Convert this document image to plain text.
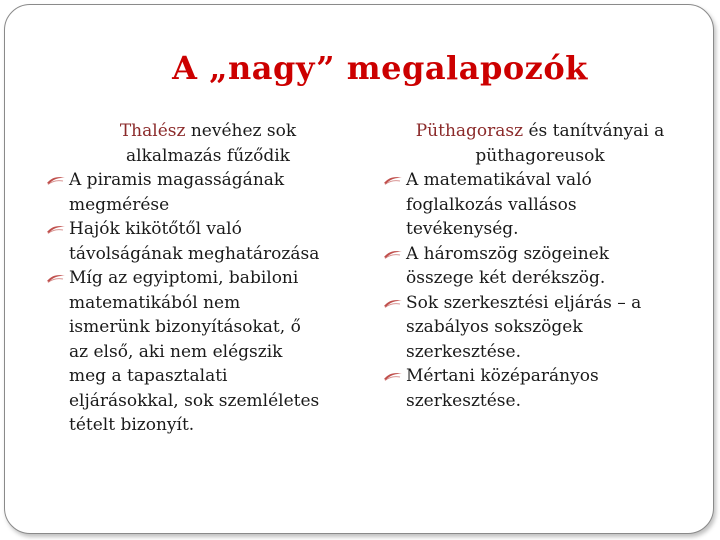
A „nagy” megalapozók
Thalész nevéhez sok
alkalmazás fűződik
A piramis magasságának
megmérése
Hajók kikötőtől való
távolságának meghatározása
Míg az egyiptomi, babiloni
matematikából nem
ismerünk bizonyításokat, ő
az első, aki nem elégszik
meg a tapasztalati
eljárásokkal, sok szemléletes
tételt bizonyít.
Püthagorasz és tanítványai a
püthagoreusok
A matematikával való
foglalkozás vallásos
tevékenység.
A háromszög szögeinek
összege két derékszög.
Sok szerkesztési eljárás – a
szabályos sokszögek
szerkesztése.
Mértani középarányos
szerkesztése.
